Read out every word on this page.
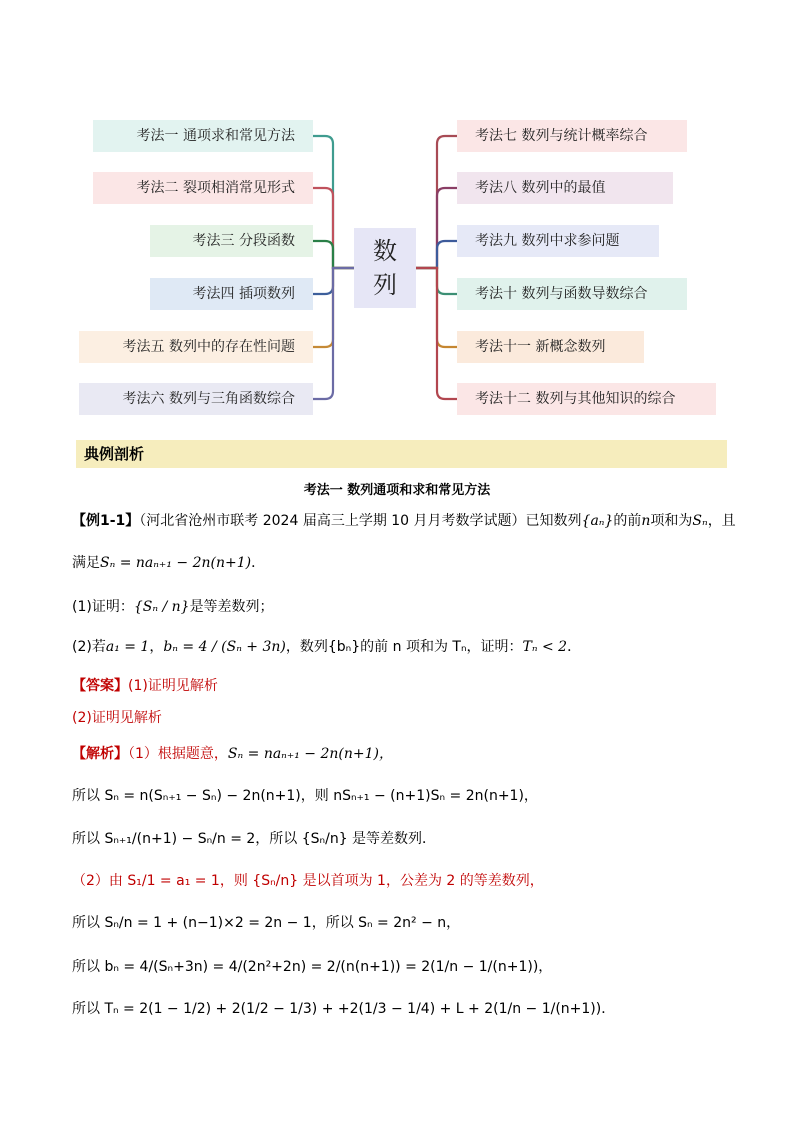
考法一 通项求和常见方法
考法二 裂项相消常见形式
考法三 分段函数
考法四 插项数列
考法五 数列中的存在性问题
考法六 数列与三角函数综合
考法七 数列与统计概率综合
考法八 数列中的最值
考法九 数列中求参问题
考法十 数列与函数导数综合
考法十一 新概念数列
考法十二 数列与其他知识的综合
数
列
典例剖析
考法一 数列通项和求和常见方法
【例1-1】（河北省沧州市联考 2024 届高三上学期 10 月月考数学试题）已知数列{aₙ}的前n项和为Sₙ，且
满足Sₙ = naₙ₊₁ − 2n(n+1)．
(1)证明：{Sₙ / n}是等差数列；
(2)若a₁ = 1，bₙ = 4 / (Sₙ + 3n)，数列{bₙ}的前 n 项和为 Tₙ，证明：Tₙ < 2．
【答案】(1)证明见解析
(2)证明见解析
【解析】（1）根据题意，Sₙ = naₙ₊₁ − 2n(n+1)，
所以 Sₙ = n(Sₙ₊₁ − Sₙ) − 2n(n+1)，则 nSₙ₊₁ − (n+1)Sₙ = 2n(n+1)，
所以 Sₙ₊₁/(n+1) − Sₙ/n = 2，所以 {Sₙ/n} 是等差数列．
（2）由 S₁/1 = a₁ = 1，则 {Sₙ/n} 是以首项为 1，公差为 2 的等差数列，
所以 Sₙ/n = 1 + (n−1)×2 = 2n − 1，所以 Sₙ = 2n² − n，
所以 bₙ = 4/(Sₙ+3n) = 4/(2n²+2n) = 2/(n(n+1)) = 2(1/n − 1/(n+1))，
所以 Tₙ = 2(1 − 1/2) + 2(1/2 − 1/3) + +2(1/3 − 1/4) + L + 2(1/n − 1/(n+1))．
